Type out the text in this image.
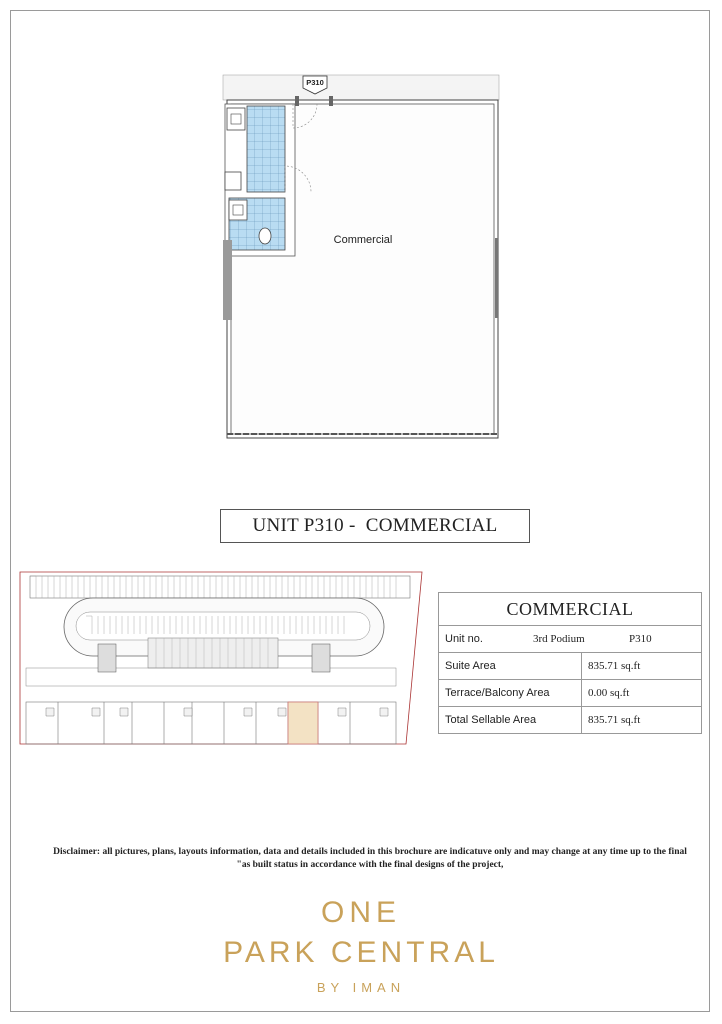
P310
Commercial
UNIT P310 -  COMMERCIAL
COMMERCIAL	

Unit no. 3rd Podium P310	

Suite Area	835.71 sq.ft
Terrace/Balcony Area	0.00 sq.ft
Total Sellable Area	835.71 sq.ft
Disclaimer: all pictures, plans, layouts information, data and details included in this brochure are indicatuve only and may change at any time up to the final
"as built status in accordance with the final designs of the project,
ONE
PARK CENTRAL
BY IMAN
